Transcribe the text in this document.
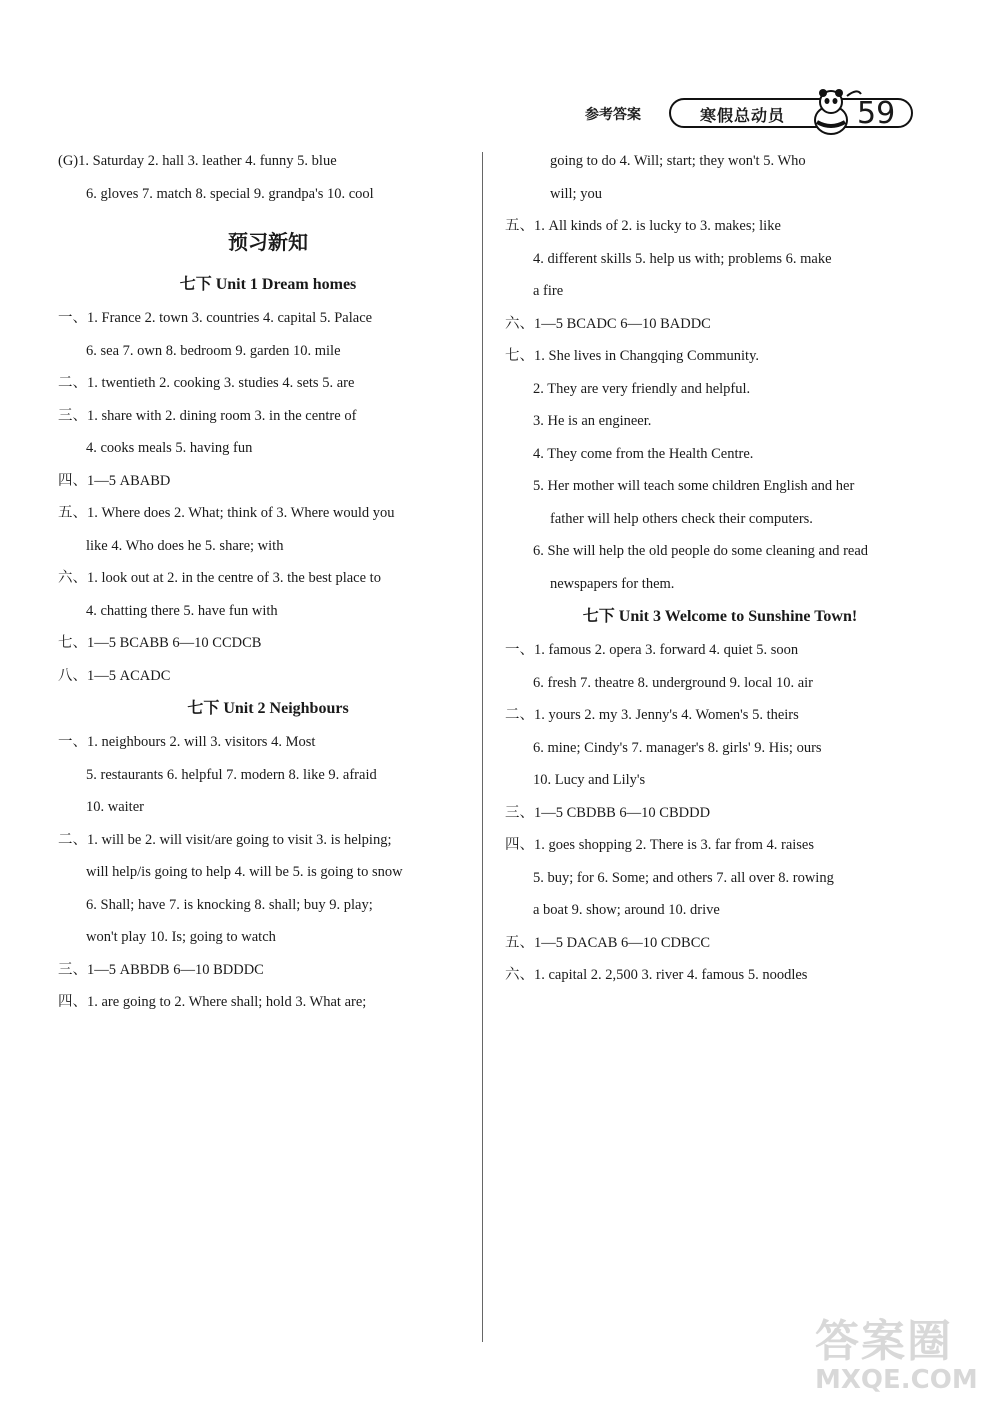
参考答案	寒假总动员 59
(G)1. Saturday 2. hall 3. leather 4. funny 5. blue
6. gloves 7. match 8. special 9. grandpa's 10. cool
预习新知
七下 Unit 1 Dream homes
一、1. France 2. town 3. countries 4. capital 5. Palace
6. sea 7. own 8. bedroom 9. garden 10. mile
二、1. twentieth 2. cooking 3. studies 4. sets 5. are
三、1. share with 2. dining room 3. in the centre of
4. cooks meals 5. having fun
四、1—5 ABABD
五、1. Where does 2. What; think of 3. Where would you
like 4. Who does he 5. share; with
六、1. look out at 2. in the centre of 3. the best place to
4. chatting there 5. have fun with
七、1—5 BCABB 6—10 CCDCB
八、1—5 ACADC
七下 Unit 2 Neighbours
一、1. neighbours 2. will 3. visitors 4. Most
5. restaurants 6. helpful 7. modern 8. like 9. afraid
10. waiter
二、1. will be 2. will visit/are going to visit 3. is helping;
will help/is going to help 4. will be 5. is going to snow
6. Shall; have 7. is knocking 8. shall; buy 9. play;
won't play 10. Is; going to watch
三、1—5 ABBDB 6—10 BDDDC
四、1. are going to 2. Where shall; hold 3. What are;
going to do 4. Will; start; they won't 5. Who
will; you
五、1. All kinds of 2. is lucky to 3. makes; like
4. different skills 5. help us with; problems 6. make
a fire
六、1—5 BCADC 6—10 BADDC
七、1. She lives in Changqing Community.
2. They are very friendly and helpful.
3. He is an engineer.
4. They come from the Health Centre.
5. Her mother will teach some children English and her
father will help others check their computers.
6. She will help the old people do some cleaning and read
newspapers for them.
七下 Unit 3 Welcome to Sunshine Town!
一、1. famous 2. opera 3. forward 4. quiet 5. soon
6. fresh 7. theatre 8. underground 9. local 10. air
二、1. yours 2. my 3. Jenny's 4. Women's 5. theirs
6. mine; Cindy's 7. manager's 8. girls' 9. His; ours
10. Lucy and Lily's
三、1—5 CBDBB 6—10 CBDDD
四、1. goes shopping 2. There is 3. far from 4. raises
5. buy; for 6. Some; and others 7. all over 8. rowing
a boat 9. show; around 10. drive
五、1—5 DACAB 6—10 CDBCC
六、1. capital 2. 2,500 3. river 4. famous 5. noodles
答案圈
MXQE.COM
